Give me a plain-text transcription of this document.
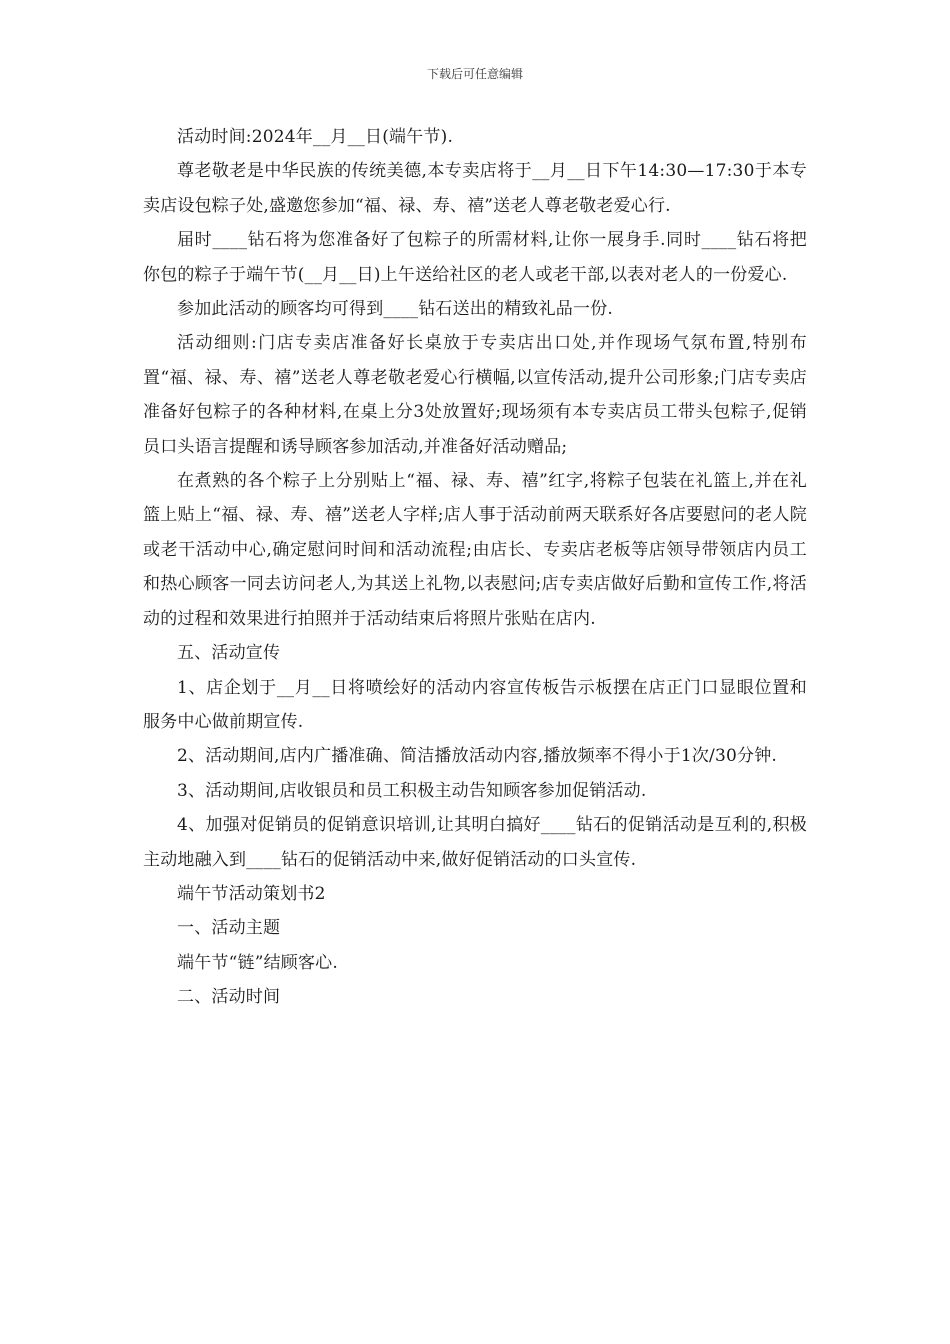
下载后可任意编辑

活动时间:2024年__月__日(端午节).

尊老敬老是中华民族的传统美德,本专卖店将于__月__日下午14:30—17:30于本专卖店设包粽子处,盛邀您参加“福、禄、寿、禧”送老人尊老敬老爱心行.

届时____钻石将为您准备好了包粽子的所需材料,让你一展身手.同时____钻石将把你包的粽子于端午节(__月__日)上午送给社区的老人或老干部,以表对老人的一份爱心.

参加此活动的顾客均可得到____钻石送出的精致礼品一份.

活动细则:门店专卖店准备好长桌放于专卖店出口处,并作现场气氛布置,特别布置“福、禄、寿、禧”送老人尊老敬老爱心行横幅,以宣传活动,提升公司形象;门店专卖店准备好包粽子的各种材料,在桌上分3处放置好;现场须有本专卖店员工带头包粽子,促销员口头语言提醒和诱导顾客参加活动,并准备好活动赠品;

在煮熟的各个粽子上分别贴上“福、禄、寿、禧”红字,将粽子包装在礼篮上,并在礼篮上贴上“福、禄、寿、禧”送老人字样;店人事于活动前两天联系好各店要慰问的老人院或老干活动中心,确定慰问时间和活动流程;由店长、专卖店老板等店领导带领店内员工和热心顾客一同去访问老人,为其送上礼物,以表慰问;店专卖店做好后勤和宣传工作,将活动的过程和效果进行拍照并于活动结束后将照片张贴在店内.

五、活动宣传

1、店企划于__月__日将喷绘好的活动内容宣传板告示板摆在店正门口显眼位置和服务中心做前期宣传.

2、活动期间,店内广播准确、简洁播放活动内容,播放频率不得小于1次/30分钟.

3、活动期间,店收银员和员工积极主动告知顾客参加促销活动.

4、加强对促销员的促销意识培训,让其明白搞好____钻石的促销活动是互利的,积极主动地融入到____钻石的促销活动中来,做好促销活动的口头宣传.

端午节活动策划书2

一、活动主题

端午节“链”结顾客心.

二、活动时间
